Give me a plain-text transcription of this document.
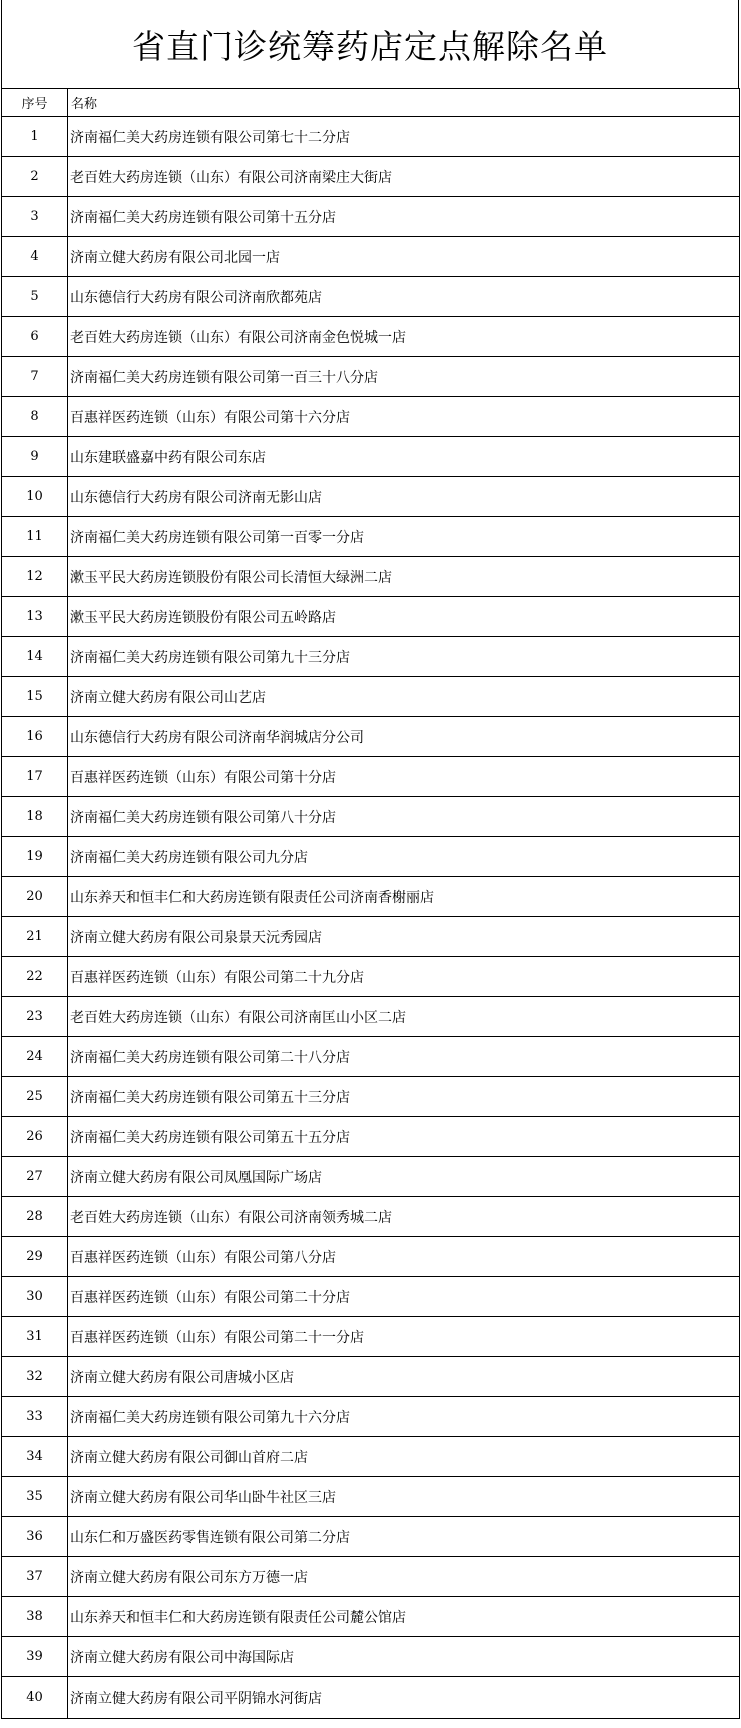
省直门诊统筹药店定点解除名单
序号	名称
1	济南福仁美大药房连锁有限公司第七十二分店
2	老百姓大药房连锁（山东）有限公司济南梁庄大街店
3	济南福仁美大药房连锁有限公司第十五分店
4	济南立健大药房有限公司北园一店
5	山东德信行大药房有限公司济南欣都苑店
6	老百姓大药房连锁（山东）有限公司济南金色悦城一店
7	济南福仁美大药房连锁有限公司第一百三十八分店
8	百惠祥医药连锁（山东）有限公司第十六分店
9	山东建联盛嘉中药有限公司东店
10	山东德信行大药房有限公司济南无影山店
11	济南福仁美大药房连锁有限公司第一百零一分店
12	漱玉平民大药房连锁股份有限公司长清恒大绿洲二店
13	漱玉平民大药房连锁股份有限公司五岭路店
14	济南福仁美大药房连锁有限公司第九十三分店
15	济南立健大药房有限公司山艺店
16	山东德信行大药房有限公司济南华润城店分公司
17	百惠祥医药连锁（山东）有限公司第十分店
18	济南福仁美大药房连锁有限公司第八十分店
19	济南福仁美大药房连锁有限公司九分店
20	山东养天和恒丰仁和大药房连锁有限责任公司济南香榭丽店
21	济南立健大药房有限公司泉景天沅秀园店
22	百惠祥医药连锁（山东）有限公司第二十九分店
23	老百姓大药房连锁（山东）有限公司济南匡山小区二店
24	济南福仁美大药房连锁有限公司第二十八分店
25	济南福仁美大药房连锁有限公司第五十三分店
26	济南福仁美大药房连锁有限公司第五十五分店
27	济南立健大药房有限公司凤凰国际广场店
28	老百姓大药房连锁（山东）有限公司济南领秀城二店
29	百惠祥医药连锁（山东）有限公司第八分店
30	百惠祥医药连锁（山东）有限公司第二十分店
31	百惠祥医药连锁（山东）有限公司第二十一分店
32	济南立健大药房有限公司唐城小区店
33	济南福仁美大药房连锁有限公司第九十六分店
34	济南立健大药房有限公司御山首府二店
35	济南立健大药房有限公司华山卧牛社区三店
36	山东仁和万盛医药零售连锁有限公司第二分店
37	济南立健大药房有限公司东方万德一店
38	山东养天和恒丰仁和大药房连锁有限责任公司麓公馆店
39	济南立健大药房有限公司中海国际店
40	济南立健大药房有限公司平阴锦水河街店
